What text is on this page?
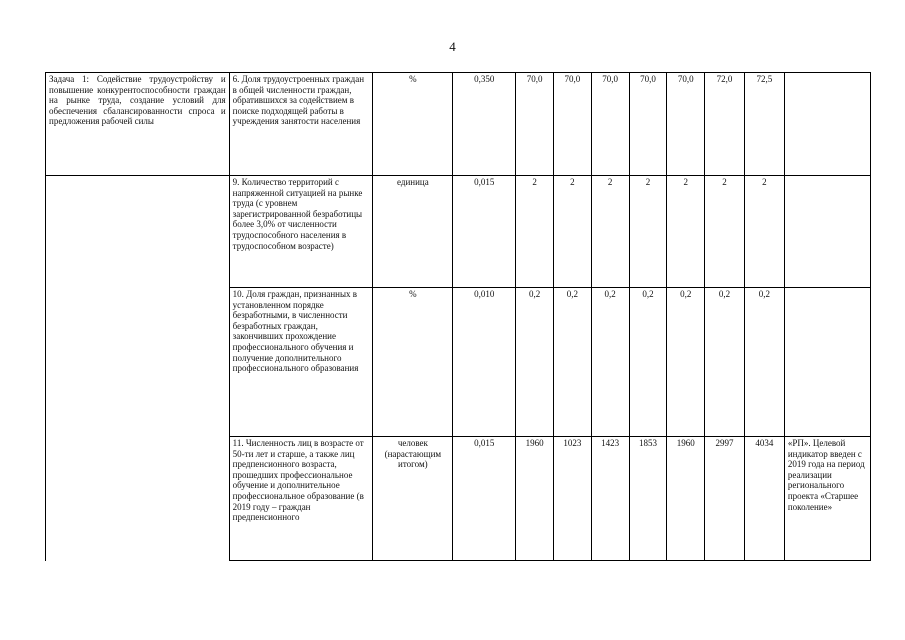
4
Задача 1: Содействие трудоустройству и повышение конкурентоспособности граждан на рынке труда, создание условий для обеспечения сбалансированности спроса и предложения рабочей силы	6. Доля трудоустроенных граждан в общей численности граждан, обратившихся за содействием в поиске подходящей работы в учреждения занятости населения	%	0,350	70,0	70,0	70,0	70,0	70,0	72,0	72,5	
	9. Количество территорий с напряженной ситуацией на рынке труда (с уровнем зарегистрированной безработицы более 3,0% от численности трудоспособного населения в трудоспособном возрасте)	единица	0,015	2	2	2	2	2	2	2	
	10. Доля граждан, признанных в установленном порядке безработными, в численности безработных граждан, закончивших прохождение профессионального обучения и получение дополнительного профессионального образования	%	0,010	0,2	0,2	0,2	0,2	0,2	0,2	0,2	
	11. Численность лиц в возрасте от 50-ти лет и старше, а также лиц предпенсионного возраста, прошедших профессиональное обучение и дополнительное профессиональное образование (в 2019 году – граждан предпенсионного	человек (нарастающим итогом)	0,015	1960	1023	1423	1853	1960	2997	4034	«РП». Целевой индикатор введен с 2019 года на период реализации регионального проекта «Старшее поколение»
